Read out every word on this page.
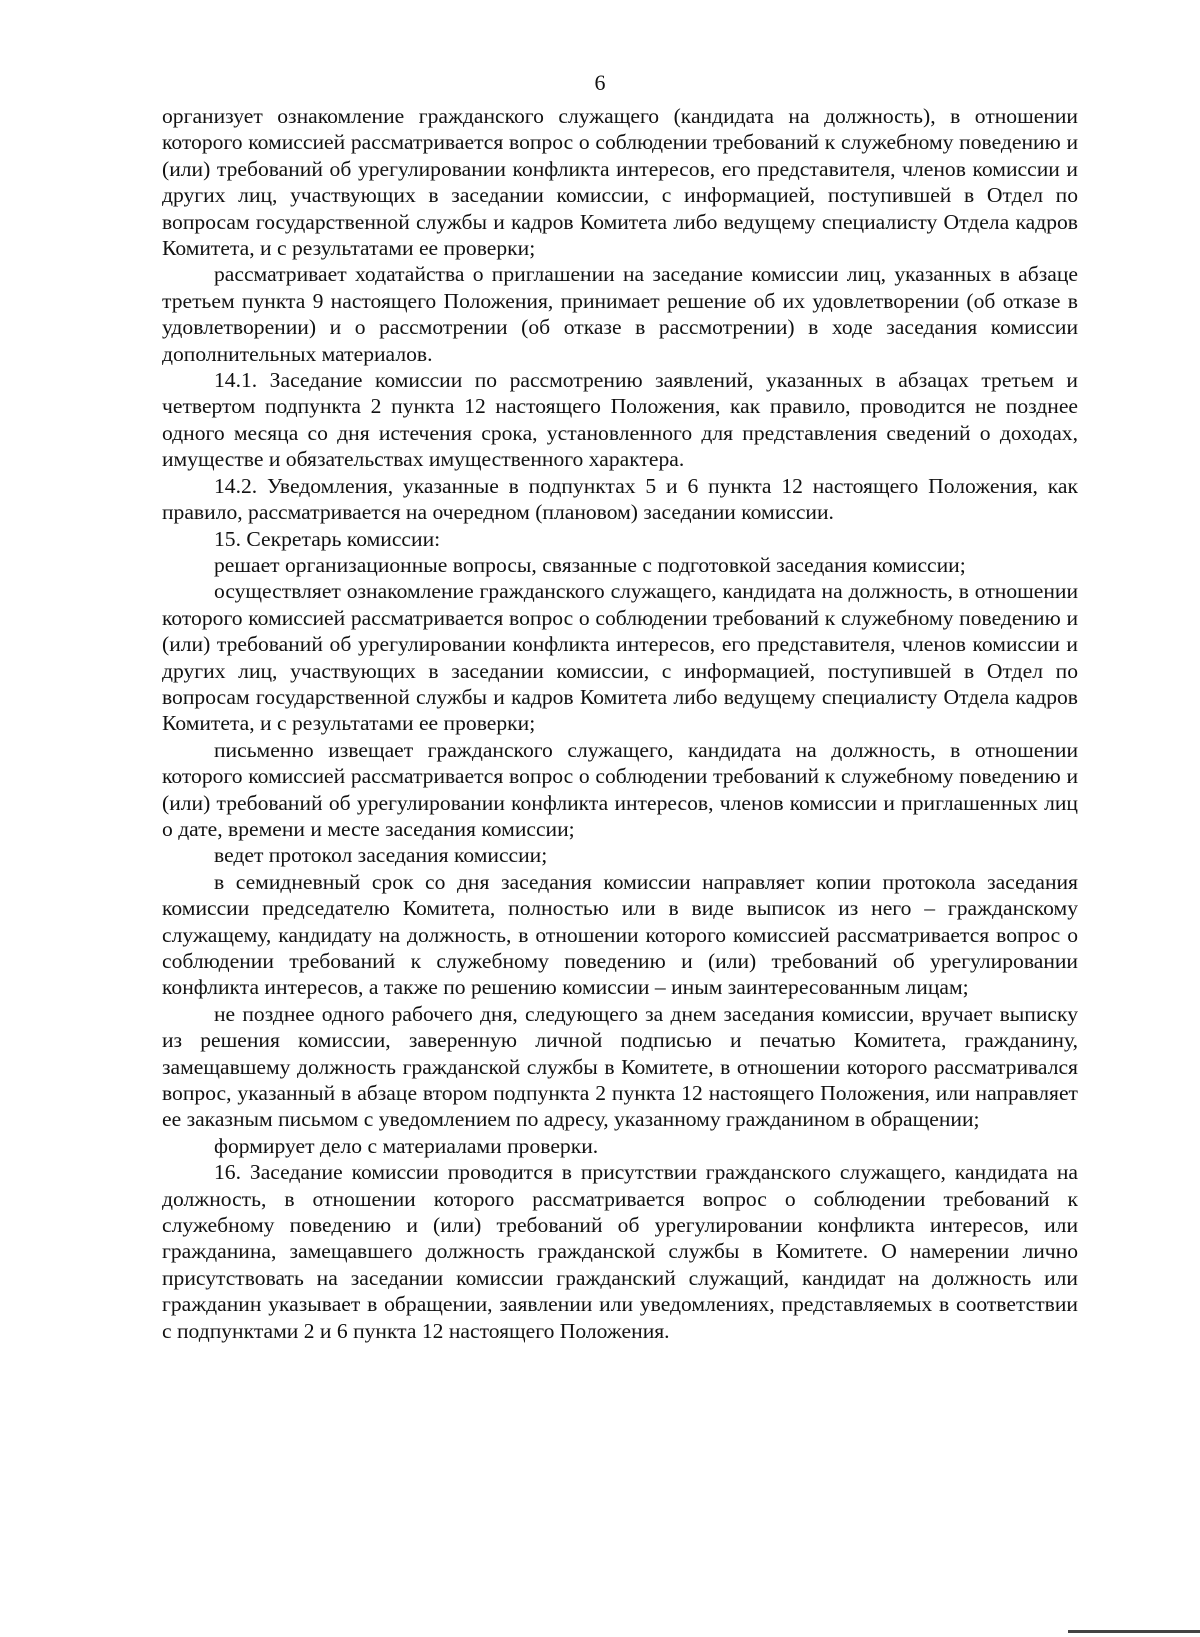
6

организует ознакомление гражданского служащего (кандидата на должность), в отношении которого комиссией рассматривается вопрос о соблюдении требований к служебному поведению и (или) требований об урегулировании конфликта интересов, его представителя, членов комиссии и других лиц, участвующих в заседании комиссии, с информацией, поступившей в Отдел по вопросам государственной службы и кадров Комитета либо ведущему специалисту Отдела кадров Комитета, и с результатами ее проверки;

рассматривает ходатайства о приглашении на заседание комиссии лиц, указанных в абзаце третьем пункта 9 настоящего Положения, принимает решение об их удовлетворении (об отказе в удовлетворении) и о рассмотрении (об отказе в рассмотрении) в ходе заседания комиссии дополнительных материалов.

14.1. Заседание комиссии по рассмотрению заявлений, указанных в абзацах третьем и четвертом подпункта 2 пункта 12 настоящего Положения, как правило, проводится не позднее одного месяца со дня истечения срока, установленного для представления сведений о доходах, имуществе и обязательствах имущественного характера.

14.2. Уведомления, указанные в подпунктах 5 и 6 пункта 12 настоящего Положения, как правило, рассматривается на очередном (плановом) заседании комиссии.

15. Секретарь комиссии:

решает организационные вопросы, связанные с подготовкой заседания комиссии;

осуществляет ознакомление гражданского служащего, кандидата на должность, в отношении которого комиссией рассматривается вопрос о соблюдении требований к служебному поведению и (или) требований об урегулировании конфликта интересов, его представителя, членов комиссии и других лиц, участвующих в заседании комиссии, с информацией, поступившей в Отдел по вопросам государственной службы и кадров Комитета либо ведущему специалисту Отдела кадров Комитета, и с результатами ее проверки;

письменно извещает гражданского служащего, кандидата на должность, в отношении которого комиссией рассматривается вопрос о соблюдении требований к служебному поведению и (или) требований об урегулировании конфликта интересов, членов комиссии и приглашенных лиц о дате, времени и месте заседания комиссии;

ведет протокол заседания комиссии;

в семидневный срок со дня заседания комиссии направляет копии протокола заседания комиссии председателю Комитета, полностью или в виде выписок из него – гражданскому служащему, кандидату на должность, в отношении которого комиссией рассматривается вопрос о соблюдении требований к служебному поведению и (или) требований об урегулировании конфликта интересов, а также по решению комиссии – иным заинтересованным лицам;

не позднее одного рабочего дня, следующего за днем заседания комиссии, вручает выписку из решения комиссии, заверенную личной подписью и печатью Комитета, гражданину, замещавшему должность гражданской службы в Комитете, в отношении которого рассматривался вопрос, указанный в абзаце втором подпункта 2 пункта 12 настоящего Положения, или направляет ее заказным письмом с уведомлением по адресу, указанному гражданином в обращении;

формирует дело с материалами проверки.

16. Заседание комиссии проводится в присутствии гражданского служащего, кандидата на должность, в отношении которого рассматривается вопрос о соблюдении требований к служебному поведению и (или) требований об урегулировании конфликта интересов, или гражданина, замещавшего должность гражданской службы в Комитете. О намерении лично присутствовать на заседании комиссии гражданский служащий, кандидат на должность или гражданин указывает в обращении, заявлении или уведомлениях, представляемых в соответствии с подпунктами 2 и 6 пункта 12 настоящего Положения.
